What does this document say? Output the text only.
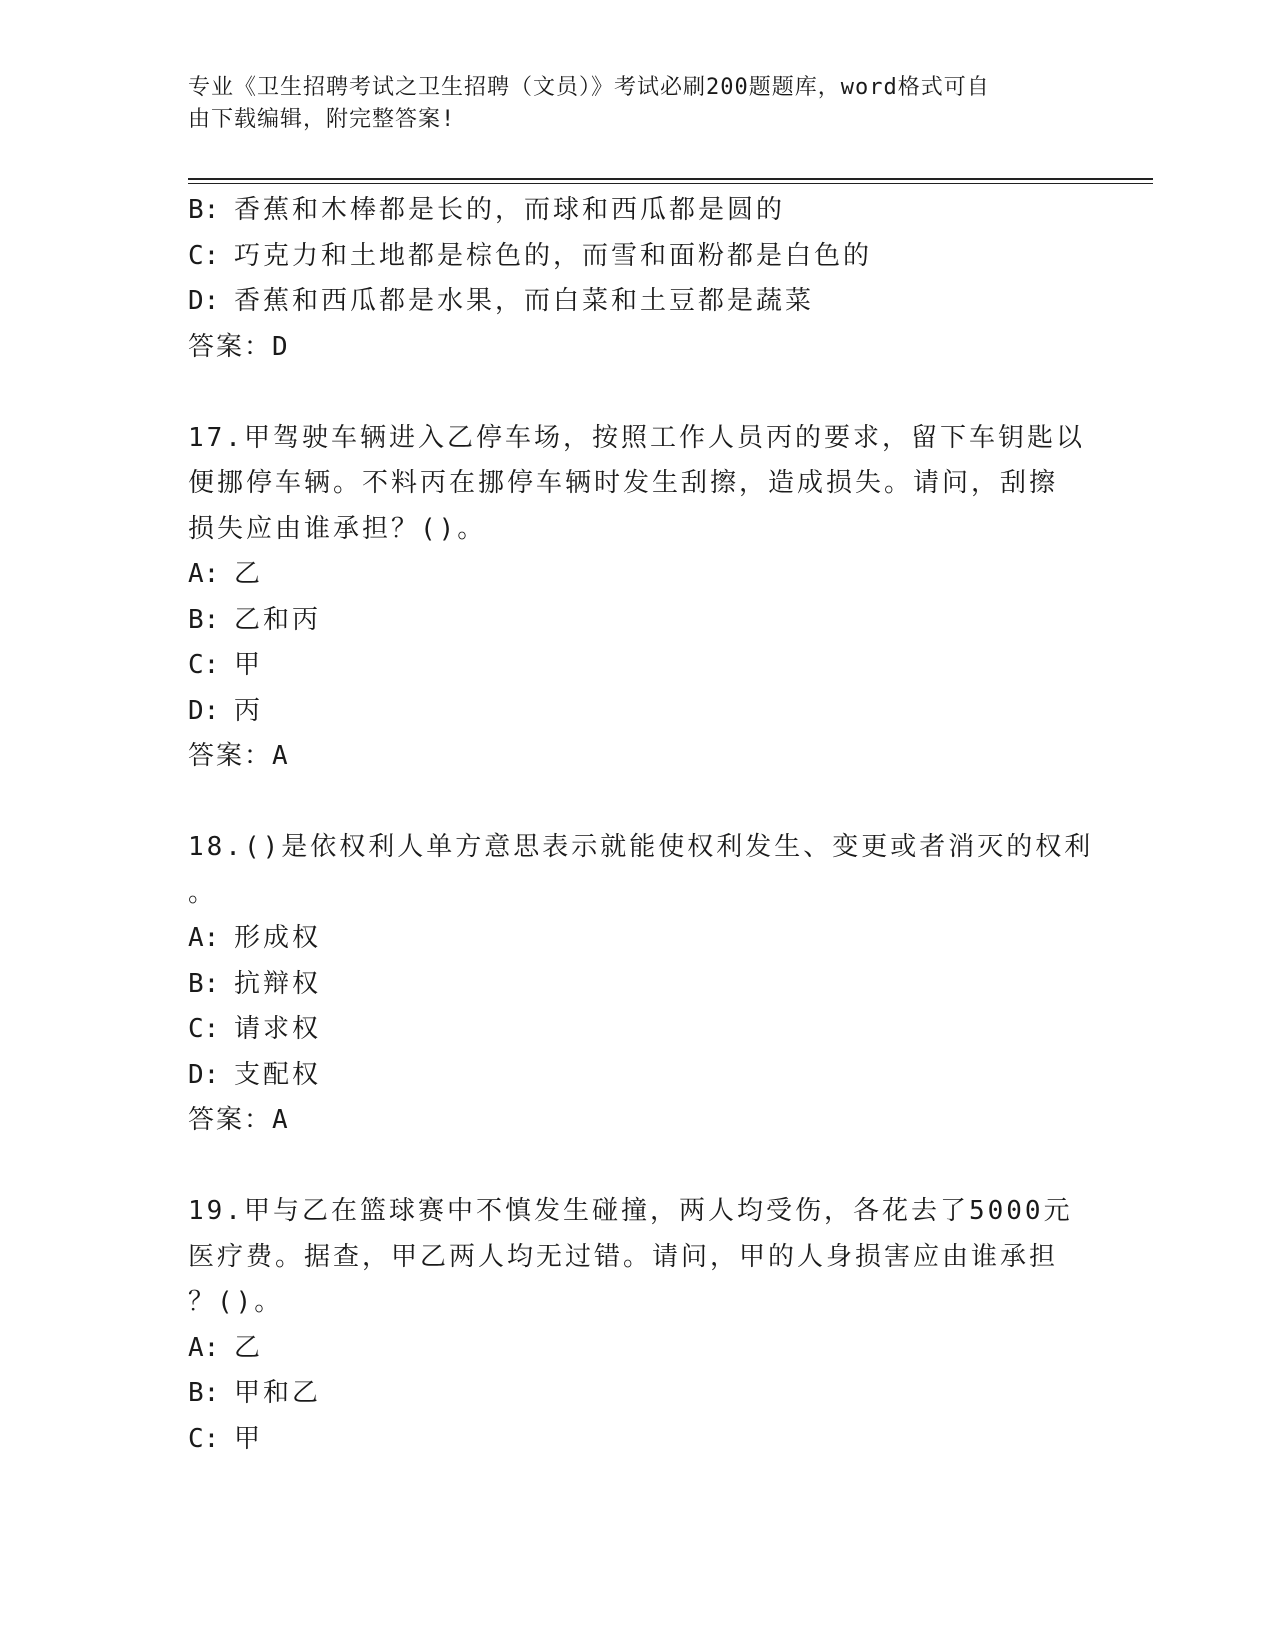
专业《卫生招聘考试之卫生招聘（文员）》考试必刷200题题库，word格式可自
由下载编辑，附完整答案!
B: 香蕉和木棒都是长的，而球和西瓜都是圆的
C: 巧克力和土地都是棕色的，而雪和面粉都是白色的
D: 香蕉和西瓜都是水果，而白菜和土豆都是蔬菜
答案：D
17.甲驾驶车辆进入乙停车场，按照工作人员丙的要求，留下车钥匙以
便挪停车辆。不料丙在挪停车辆时发生刮擦，造成损失。请问，刮擦
损失应由谁承担？()。
A: 乙
B: 乙和丙
C: 甲
D: 丙
答案：A
18.()是依权利人单方意思表示就能使权利发生、变更或者消灭的权利
。
A: 形成权
B: 抗辩权
C: 请求权
D: 支配权
答案：A
19.甲与乙在篮球赛中不慎发生碰撞，两人均受伤，各花去了5000元
医疗费。据查，甲乙两人均无过错。请问，甲的人身损害应由谁承担
？()。
A: 乙
B: 甲和乙
C: 甲
